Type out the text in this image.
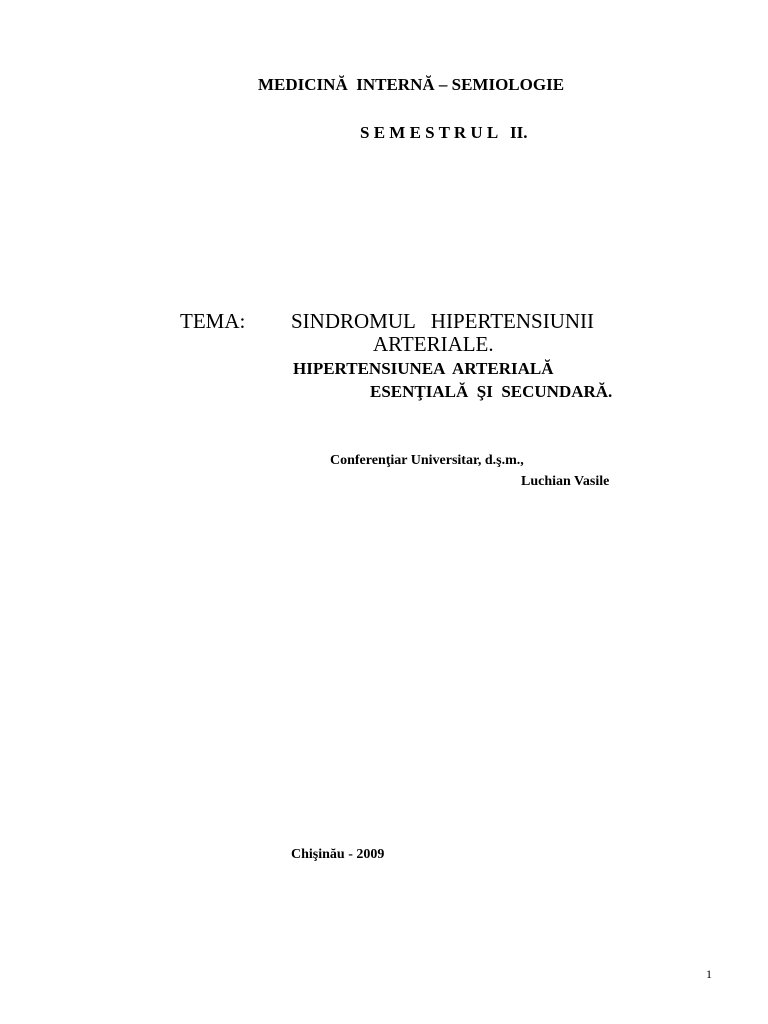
MEDICINĂ  INTERNĂ – SEMIOLOGIE

S E M E S T R U L   II.

TEMA: SINDROMUL   HIPERTENSIUNII

ARTERIALE.

HIPERTENSIUNEA  ARTERIALĂ

ESENŢIALĂ  ŞI  SECUNDARĂ.

Conferenţiar Universitar, d.ş.m.,

Luchian Vasile

Chişinău - 2009

1
